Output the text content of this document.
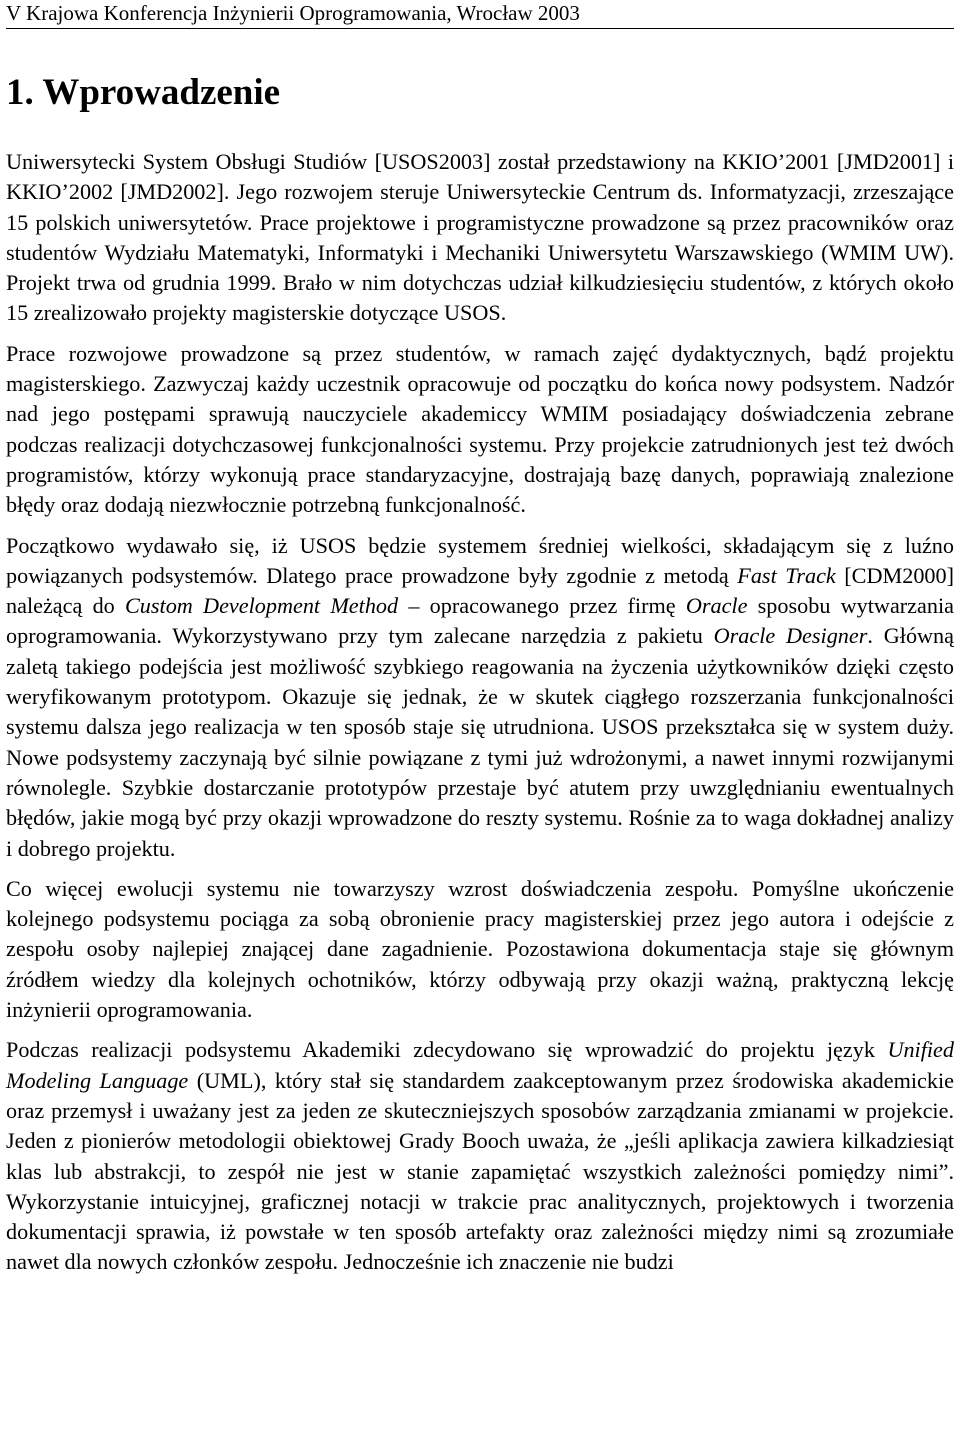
V Krajowa Konferencja Inżynierii Oprogramowania, Wrocław 2003
1. Wprowadzenie

Uniwersytecki System Obsługi Studiów [USOS2003] został przedstawiony na KKIO’2001 [JMD2001] i KKIO’2002 [JMD2002]. Jego rozwojem steruje Uniwersyteckie Centrum ds. Informatyzacji, zrzeszające 15 polskich uniwersytetów. Prace projektowe i programistyczne prowadzone są przez pracowników oraz studentów Wydziału Matematyki, Informatyki i Mechaniki Uniwersytetu Warszawskiego (WMIM UW). Projekt trwa od grudnia 1999. Brało w nim dotychczas udział kilkudziesięciu studentów, z których około 15 zrealizowało projekty magisterskie dotyczące USOS.

Prace rozwojowe prowadzone są przez studentów, w ramach zajęć dydaktycznych, bądź projektu magisterskiego. Zazwyczaj każdy uczestnik opracowuje od początku do końca nowy podsystem. Nadzór nad jego postępami sprawują nauczyciele akademiccy WMIM posiadający doświadczenia zebrane podczas realizacji dotychczasowej funkcjonalności systemu. Przy projekcie zatrudnionych jest też dwóch programistów, którzy wykonują prace standaryzacyjne, dostrajają bazę danych, poprawiają znalezione błędy oraz dodają niezwłocznie potrzebną funkcjonalność.

Początkowo wydawało się, iż USOS będzie systemem średniej wielkości, składającym się z luźno powiązanych podsystemów. Dlatego prace prowadzone były zgodnie z metodą Fast Track [CDM2000] należącą do Custom Development Method – opracowanego przez firmę Oracle sposobu wytwarzania oprogramowania. Wykorzystywano przy tym zalecane narzędzia z pakietu Oracle Designer. Główną zaletą takiego podejścia jest możliwość szybkiego reagowania na życzenia użytkowników dzięki często weryfikowanym prototypom. Okazuje się jednak, że w skutek ciągłego rozszerzania funkcjonalności systemu dalsza jego realizacja w ten sposób staje się utrudniona. USOS przekształca się w system duży. Nowe podsystemy zaczynają być silnie powiązane z tymi już wdrożonymi, a nawet innymi rozwijanymi równolegle. Szybkie dostarczanie prototypów przestaje być atutem przy uwzględnianiu ewentualnych błędów, jakie mogą być przy okazji wprowadzone do reszty systemu. Rośnie za to waga dokładnej analizy i dobrego projektu.

Co więcej ewolucji systemu nie towarzyszy wzrost doświadczenia zespołu. Pomyślne ukończenie kolejnego podsystemu pociąga za sobą obronienie pracy magisterskiej przez jego autora i odejście z zespołu osoby najlepiej znającej dane zagadnienie. Pozostawiona dokumentacja staje się głównym źródłem wiedzy dla kolejnych ochotników, którzy odbywają przy okazji ważną, praktyczną lekcję inżynierii oprogramowania.

Podczas realizacji podsystemu Akademiki zdecydowano się wprowadzić do projektu język Unified Modeling Language (UML), który stał się standardem zaakceptowanym przez środowiska akademickie oraz przemysł i uważany jest za jeden ze skuteczniejszych sposobów zarządzania zmianami w projekcie. Jeden z pionierów metodologii obiektowej Grady Booch uważa, że „jeśli aplikacja zawiera kilkadziesiąt klas lub abstrakcji, to zespół nie jest w stanie zapamiętać wszystkich zależności pomiędzy nimi”. Wykorzystanie intuicyjnej, graficznej notacji w trakcie prac analitycznych, projektowych i tworzenia dokumentacji sprawia, iż powstałe w ten sposób artefakty oraz zależności między nimi są zrozumiałe nawet dla nowych członków zespołu. Jednocześnie ich znaczenie nie budzi
